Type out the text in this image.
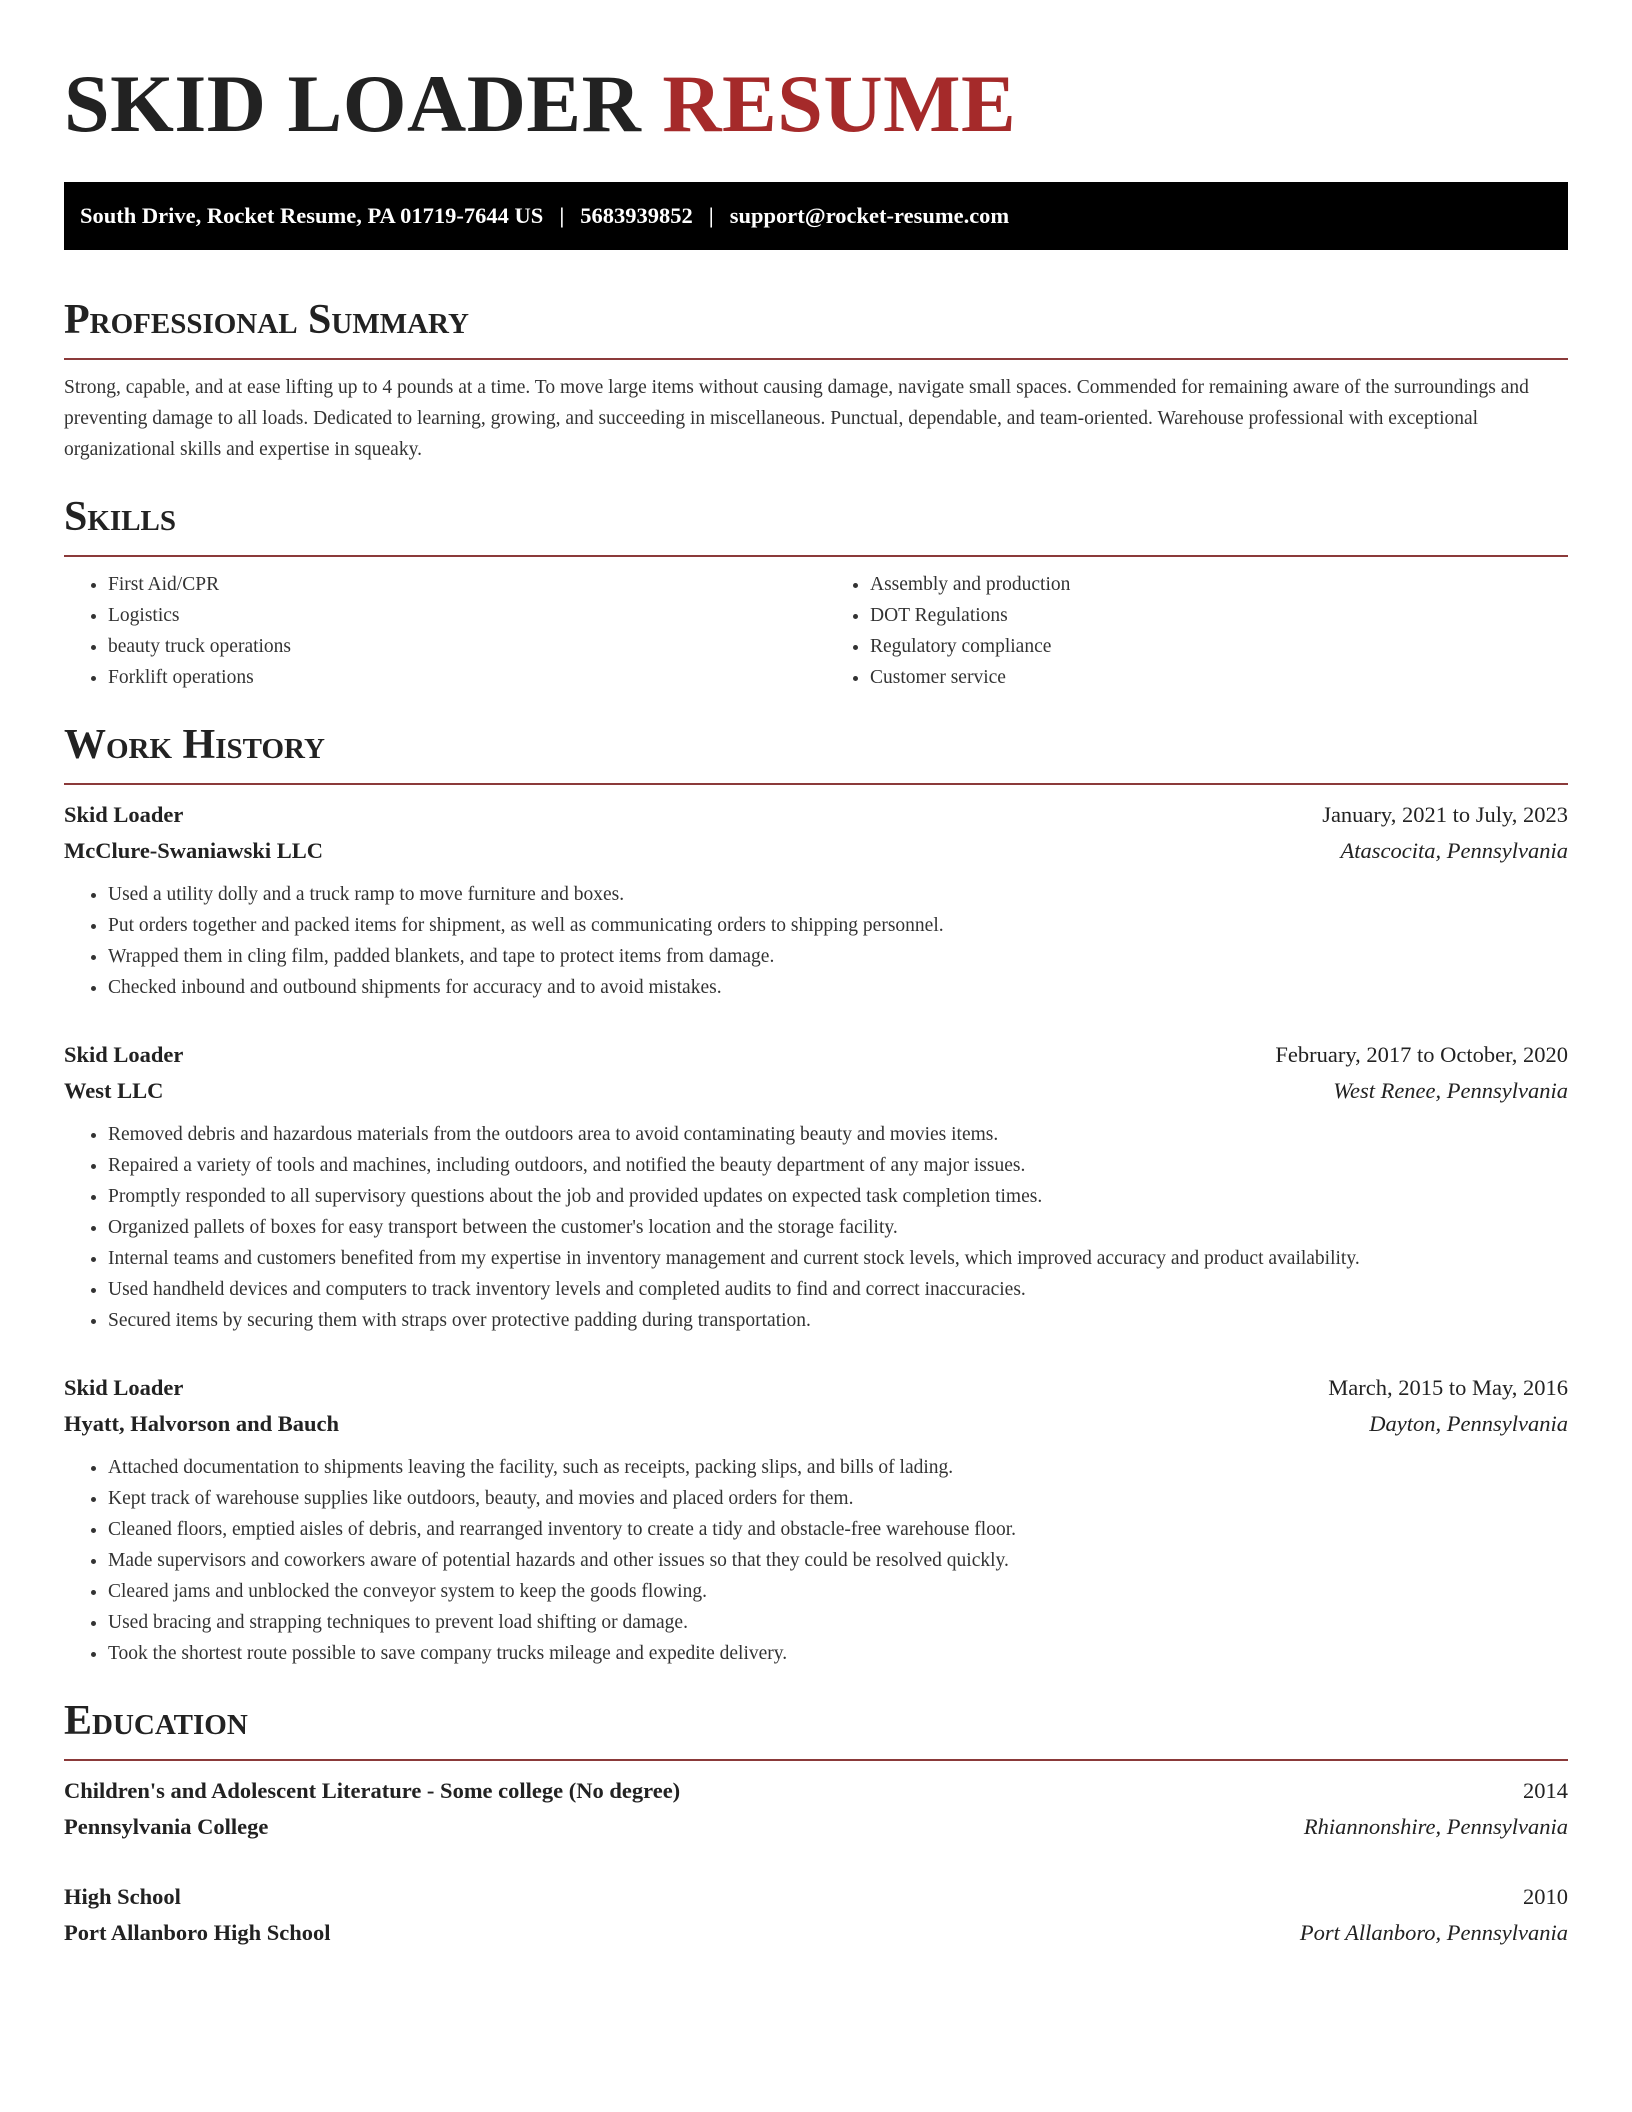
SKID LOADER RESUME
South Drive, Rocket Resume, PA 01719-7644 US | 5683939852 | support@rocket-resume.com
Professional Summary

Strong, capable, and at ease lifting up to 4 pounds at a time. To move large items without causing damage, navigate small spaces. Commended for remaining aware of the surroundings and preventing damage to all loads. Dedicated to learning, growing, and succeeding in miscellaneous. Punctual, dependable, and team-oriented. Warehouse professional with exceptional organizational skills and expertise in squeaky.

Skills
• First Aid/CPR
• Logistics
• beauty truck operations
• Forklift operations
• Assembly and production
• DOT Regulations
• Regulatory compliance
• Customer service
Work History
Skid Loader	January, 2021 to July, 2023
McClure-Swaniawski LLC	Atascocita, Pennsylvania
• Used a utility dolly and a truck ramp to move furniture and boxes.
• Put orders together and packed items for shipment, as well as communicating orders to shipping personnel.
• Wrapped them in cling film, padded blankets, and tape to protect items from damage.
• Checked inbound and outbound shipments for accuracy and to avoid mistakes.
Skid Loader	February, 2017 to October, 2020
West LLC	West Renee, Pennsylvania
• Removed debris and hazardous materials from the outdoors area to avoid contaminating beauty and movies items.
• Repaired a variety of tools and machines, including outdoors, and notified the beauty department of any major issues.
• Promptly responded to all supervisory questions about the job and provided updates on expected task completion times.
• Organized pallets of boxes for easy transport between the customer's location and the storage facility.
• Internal teams and customers benefited from my expertise in inventory management and current stock levels, which improved accuracy and product availability.
• Used handheld devices and computers to track inventory levels and completed audits to find and correct inaccuracies.
• Secured items by securing them with straps over protective padding during transportation.
Skid Loader	March, 2015 to May, 2016
Hyatt, Halvorson and Bauch	Dayton, Pennsylvania
• Attached documentation to shipments leaving the facility, such as receipts, packing slips, and bills of lading.
• Kept track of warehouse supplies like outdoors, beauty, and movies and placed orders for them.
• Cleaned floors, emptied aisles of debris, and rearranged inventory to create a tidy and obstacle-free warehouse floor.
• Made supervisors and coworkers aware of potential hazards and other issues so that they could be resolved quickly.
• Cleared jams and unblocked the conveyor system to keep the goods flowing.
• Used bracing and strapping techniques to prevent load shifting or damage.
• Took the shortest route possible to save company trucks mileage and expedite delivery.
Education
Children's and Adolescent Literature - Some college (No degree)	2014
Pennsylvania College	Rhiannonshire, Pennsylvania
High School	2010
Port Allanboro High School	Port Allanboro, Pennsylvania
